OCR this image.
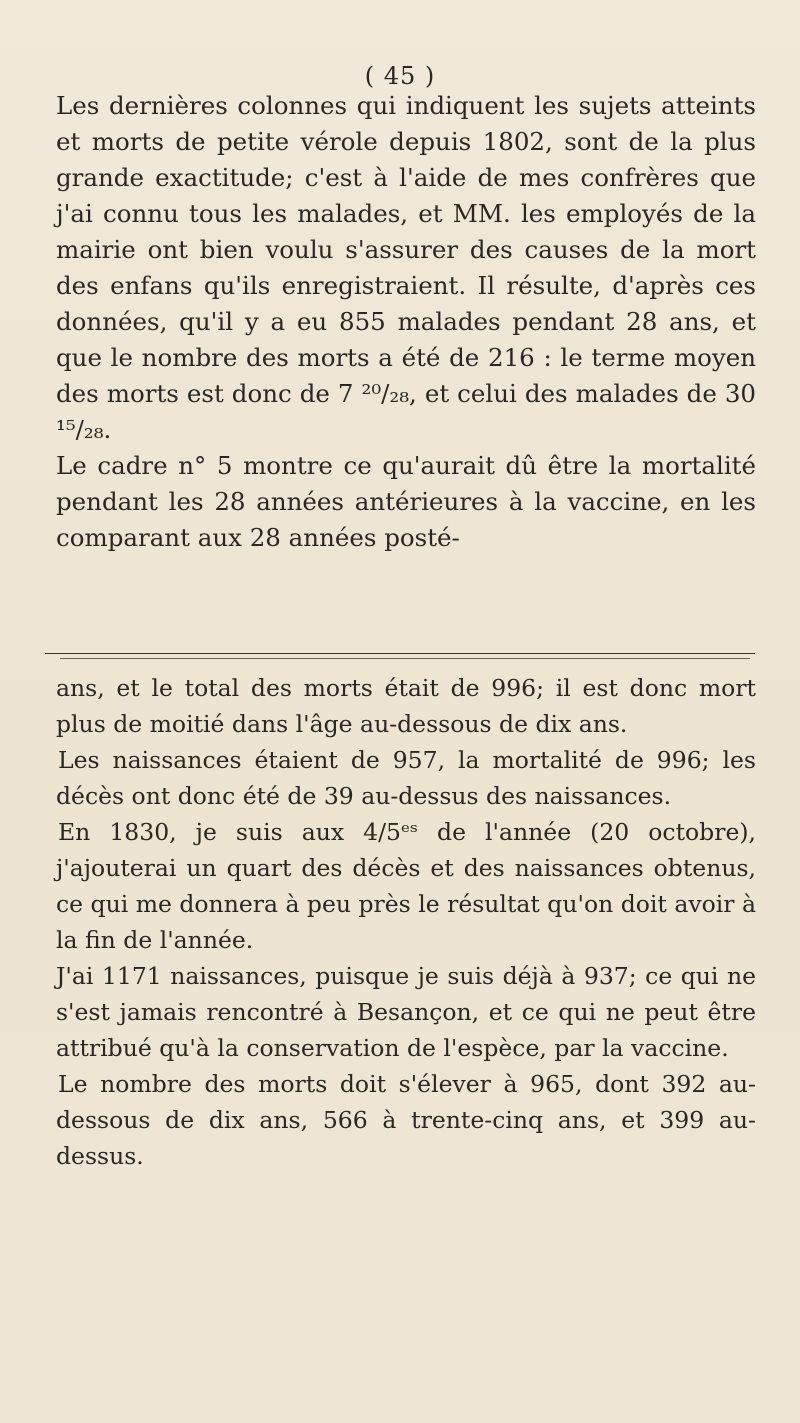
( 45 )

Les dernières colonnes qui indiquent les sujets atteints et morts de petite vérole depuis 1802, sont de la plus grande exactitude; c'est à l'aide de mes confrères que j'ai connu tous les malades, et MM. les employés de la mairie ont bien voulu s'assurer des causes de la mort des enfans qu'ils enregistraient. Il résulte, d'après ces données, qu'il y a eu 855 malades pendant 28 ans, et que le nombre des morts a été de 216 : le terme moyen des morts est donc de 7 ²⁰/₂₈, et celui des malades de 30 ¹⁵/₂₈.

Le cadre n° 5 montre ce qu'aurait dû être la mortalité pendant les 28 années antérieures à la vaccine, en les comparant aux 28 années posté-

ans, et le total des morts était de 996; il est donc mort plus de moitié dans l'âge au-dessous de dix ans.

Les naissances étaient de 957, la mortalité de 996; les décès ont donc été de 39 au-dessus des naissances.

En 1830, je suis aux 4/5ᵉˢ de l'année (20 octobre), j'ajouterai un quart des décès et des naissances obtenus, ce qui me donnera à peu près le résultat qu'on doit avoir à la fin de l'année.

J'ai 1171 naissances, puisque je suis déjà à 937; ce qui ne s'est jamais rencontré à Besançon, et ce qui ne peut être attribué qu'à la conservation de l'espèce, par la vaccine.

Le nombre des morts doit s'élever à 965, dont 392 au-dessous de dix ans, 566 à trente-cinq ans, et 399 au-dessus.
